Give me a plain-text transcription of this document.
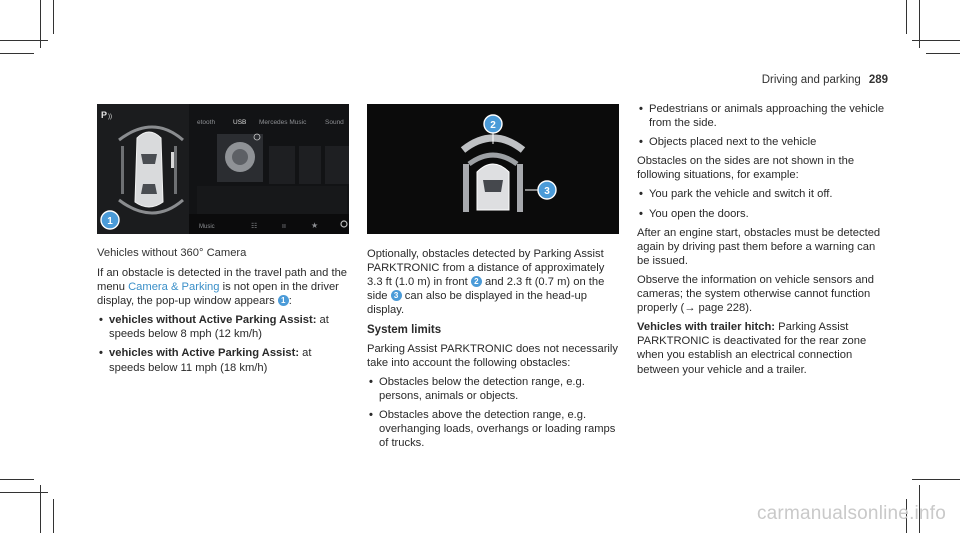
Driving and parking 289
P ))
1
etooth	USB Mercedes Music	Sound
Music	☷	ıı	★
2
3
Vehicles without 360° Camera

If an obstacle is detected in the travel path and the menu Camera & Parking is not open in the driver display, the pop-up window appears 1 :

• vehicles without Active Parking Assist: at speeds below 8 mph (12 km/h)
• vehicles with Active Parking Assist: at speeds below 11 mph (18 km/h)

Optionally, obstacles detected by Parking Assist PARKTRONIC from a distance of approximately 3.3 ft (1.0 m) in front 2 and 2.3 ft (0.7 m) on the side 3 can also be displayed in the head-up display.

System limits

Parking Assist PARKTRONIC does not necessarily take into account the following obstacles:

• Obstacles below the detection range, e.g. persons, animals or objects.
• Obstacles above the detection range, e.g. overhanging loads, overhangs or loading ramps of trucks.
• Pedestrians or animals approaching the vehicle from the side.
• Objects placed next to the vehicle

Obstacles on the sides are not shown in the following situations, for example:

• You park the vehicle and switch it off.
• You open the doors.

After an engine start, obstacles must be detected again by driving past them before a warning can be issued.

Observe the information on vehicle sensors and cameras; the system otherwise cannot function properly (→ page 228).

Vehicles with trailer hitch: Parking Assist PARKTRONIC is deactivated for the rear zone when you establish an electrical connection between your vehicle and a trailer.

carmanualsonline.info
